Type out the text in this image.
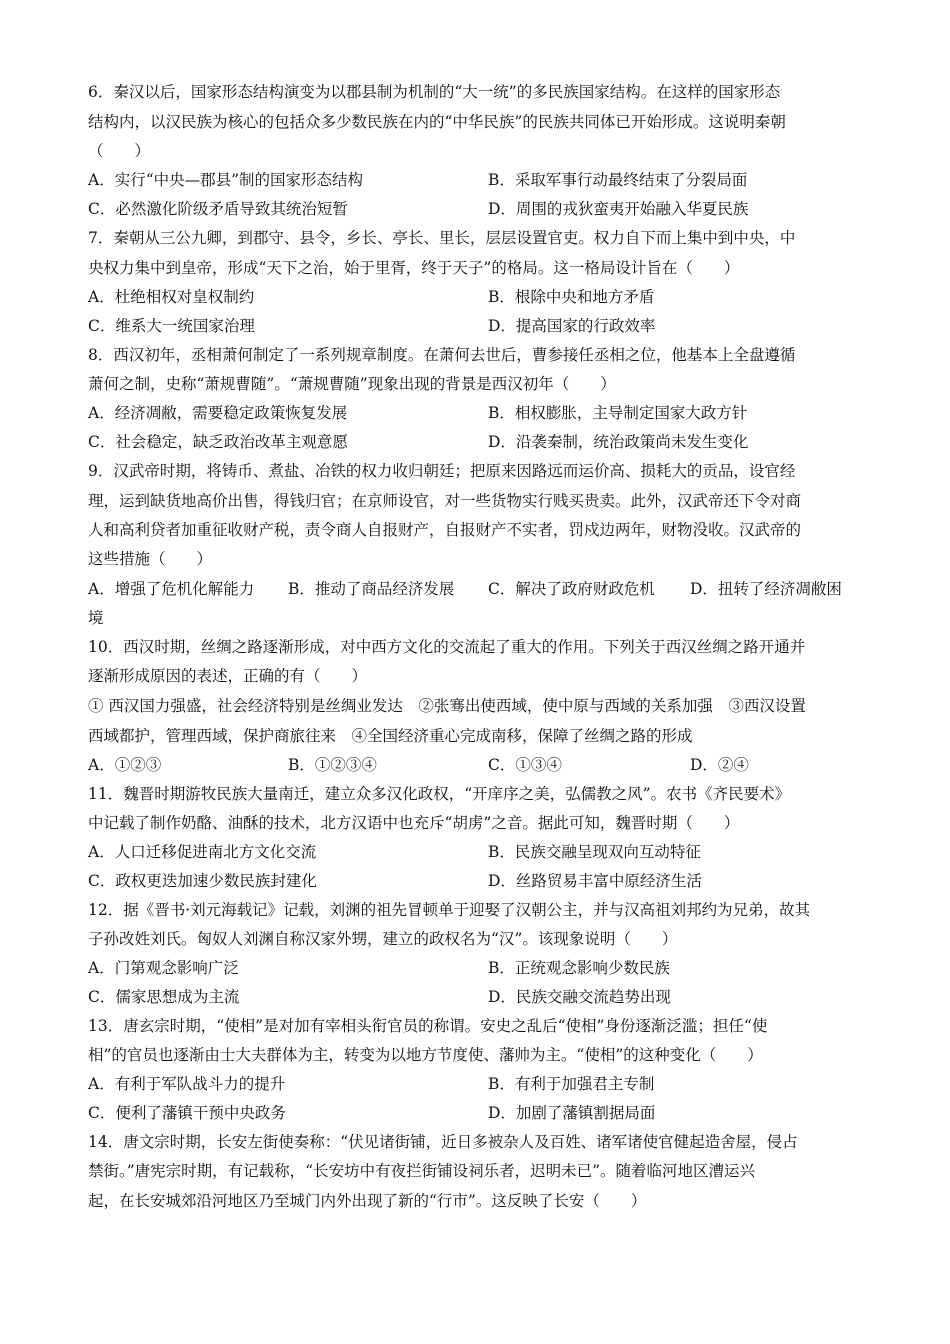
6．秦汉以后，国家形态结构演变为以郡县制为机制的“大一统”的多民族国家结构。在这样的国家形态
结构内，以汉民族为核心的包括众多少数民族在内的“中华民族”的民族共同体已开始形成。这说明秦朝
（　　）
A．实行“中央—郡县”制的国家形态结构	B．采取军事行动最终结束了分裂局面
C．必然激化阶级矛盾导致其统治短暂	D．周围的戎狄蛮夷开始融入华夏民族
7．秦朝从三公九卿，到郡守、县令，乡长、亭长、里长，层层设置官吏。权力自下而上集中到中央，中
央权力集中到皇帝，形成“天下之治，始于里胥，终于天子”的格局。这一格局设计旨在（　　）
A．杜绝相权对皇权制约	B．根除中央和地方矛盾
C．维系大一统国家治理	D．提高国家的行政效率
8．西汉初年，丞相萧何制定了一系列规章制度。在萧何去世后，曹参接任丞相之位，他基本上全盘遵循
萧何之制，史称“萧规曹随”。“萧规曹随”现象出现的背景是西汉初年（　　）
A．经济凋敝，需要稳定政策恢复发展	B．相权膨胀，主导制定国家大政方针
C．社会稳定，缺乏政治改革主观意愿	D．沿袭秦制，统治政策尚未发生变化
9．汉武帝时期，将铸币、煮盐、冶铁的权力收归朝廷；把原来因路远而运价高、损耗大的贡品，设官经
理，运到缺货地高价出售，得钱归官；在京师设官，对一些货物实行贱买贵卖。此外，汉武帝还下令对商
人和高利贷者加重征收财产税，责令商人自报财产，自报财产不实者，罚戍边两年，财物没收。汉武帝的
这些措施（　　）
A．增强了危机化解能力 B．推动了商品经济发展 C．解决了政府财政危机 D．扭转了经济凋敝困
境
10．西汉时期，丝绸之路逐渐形成，对中西方文化的交流起了重大的作用。下列关于西汉丝绸之路开通并
逐渐形成原因的表述，正确的有（　　）
① 西汉国力强盛，社会经济特别是丝绸业发达　②张骞出使西域，使中原与西域的关系加强　③西汉设置
西域都护，管理西域，保护商旅往来　④全国经济重心完成南移，保障了丝绸之路的形成
A．①②③	B．①②③④	C．①③④	D．②④
11．魏晋时期游牧民族大量南迁，建立众多汉化政权，“开庠序之美，弘儒教之风”。农书《齐民要术》
中记载了制作奶酪、油酥的技术，北方汉语中也充斥“胡虏”之音。据此可知，魏晋时期（　　）
A．人口迁移促进南北方文化交流	B．民族交融呈现双向互动特征
C．政权更迭加速少数民族封建化	D．丝路贸易丰富中原经济生活
12．据《晋书·刘元海载记》记载，刘渊的祖先冒顿单于迎娶了汉朝公主，并与汉高祖刘邦约为兄弟，故其
子孙改姓刘氏。匈奴人刘渊自称汉家外甥，建立的政权名为“汉”。该现象说明（　　）
A．门第观念影响广泛	B．正统观念影响少数民族
C．儒家思想成为主流	D．民族交融交流趋势出现
13．唐玄宗时期，“使相”是对加有宰相头衔官员的称谓。安史之乱后“使相”身份逐渐泛滥；担任“使
相”的官员也逐渐由士大夫群体为主，转变为以地方节度使、藩帅为主。“使相”的这种变化（　　）
A．有利于军队战斗力的提升	B．有利于加强君主专制
C．便利了藩镇干预中央政务	D．加剧了藩镇割据局面
14．唐文宗时期，长安左街使奏称：“伏见诸街铺，近日多被杂人及百姓、诸军诸使官健起造舍屋，侵占
禁街。”唐宪宗时期，有记载称，“长安坊中有夜拦街铺设祠乐者，迟明未已”。随着临河地区漕运兴
起，在长安城郊沿河地区乃至城门内外出现了新的“行市”。这反映了长安（　　）
